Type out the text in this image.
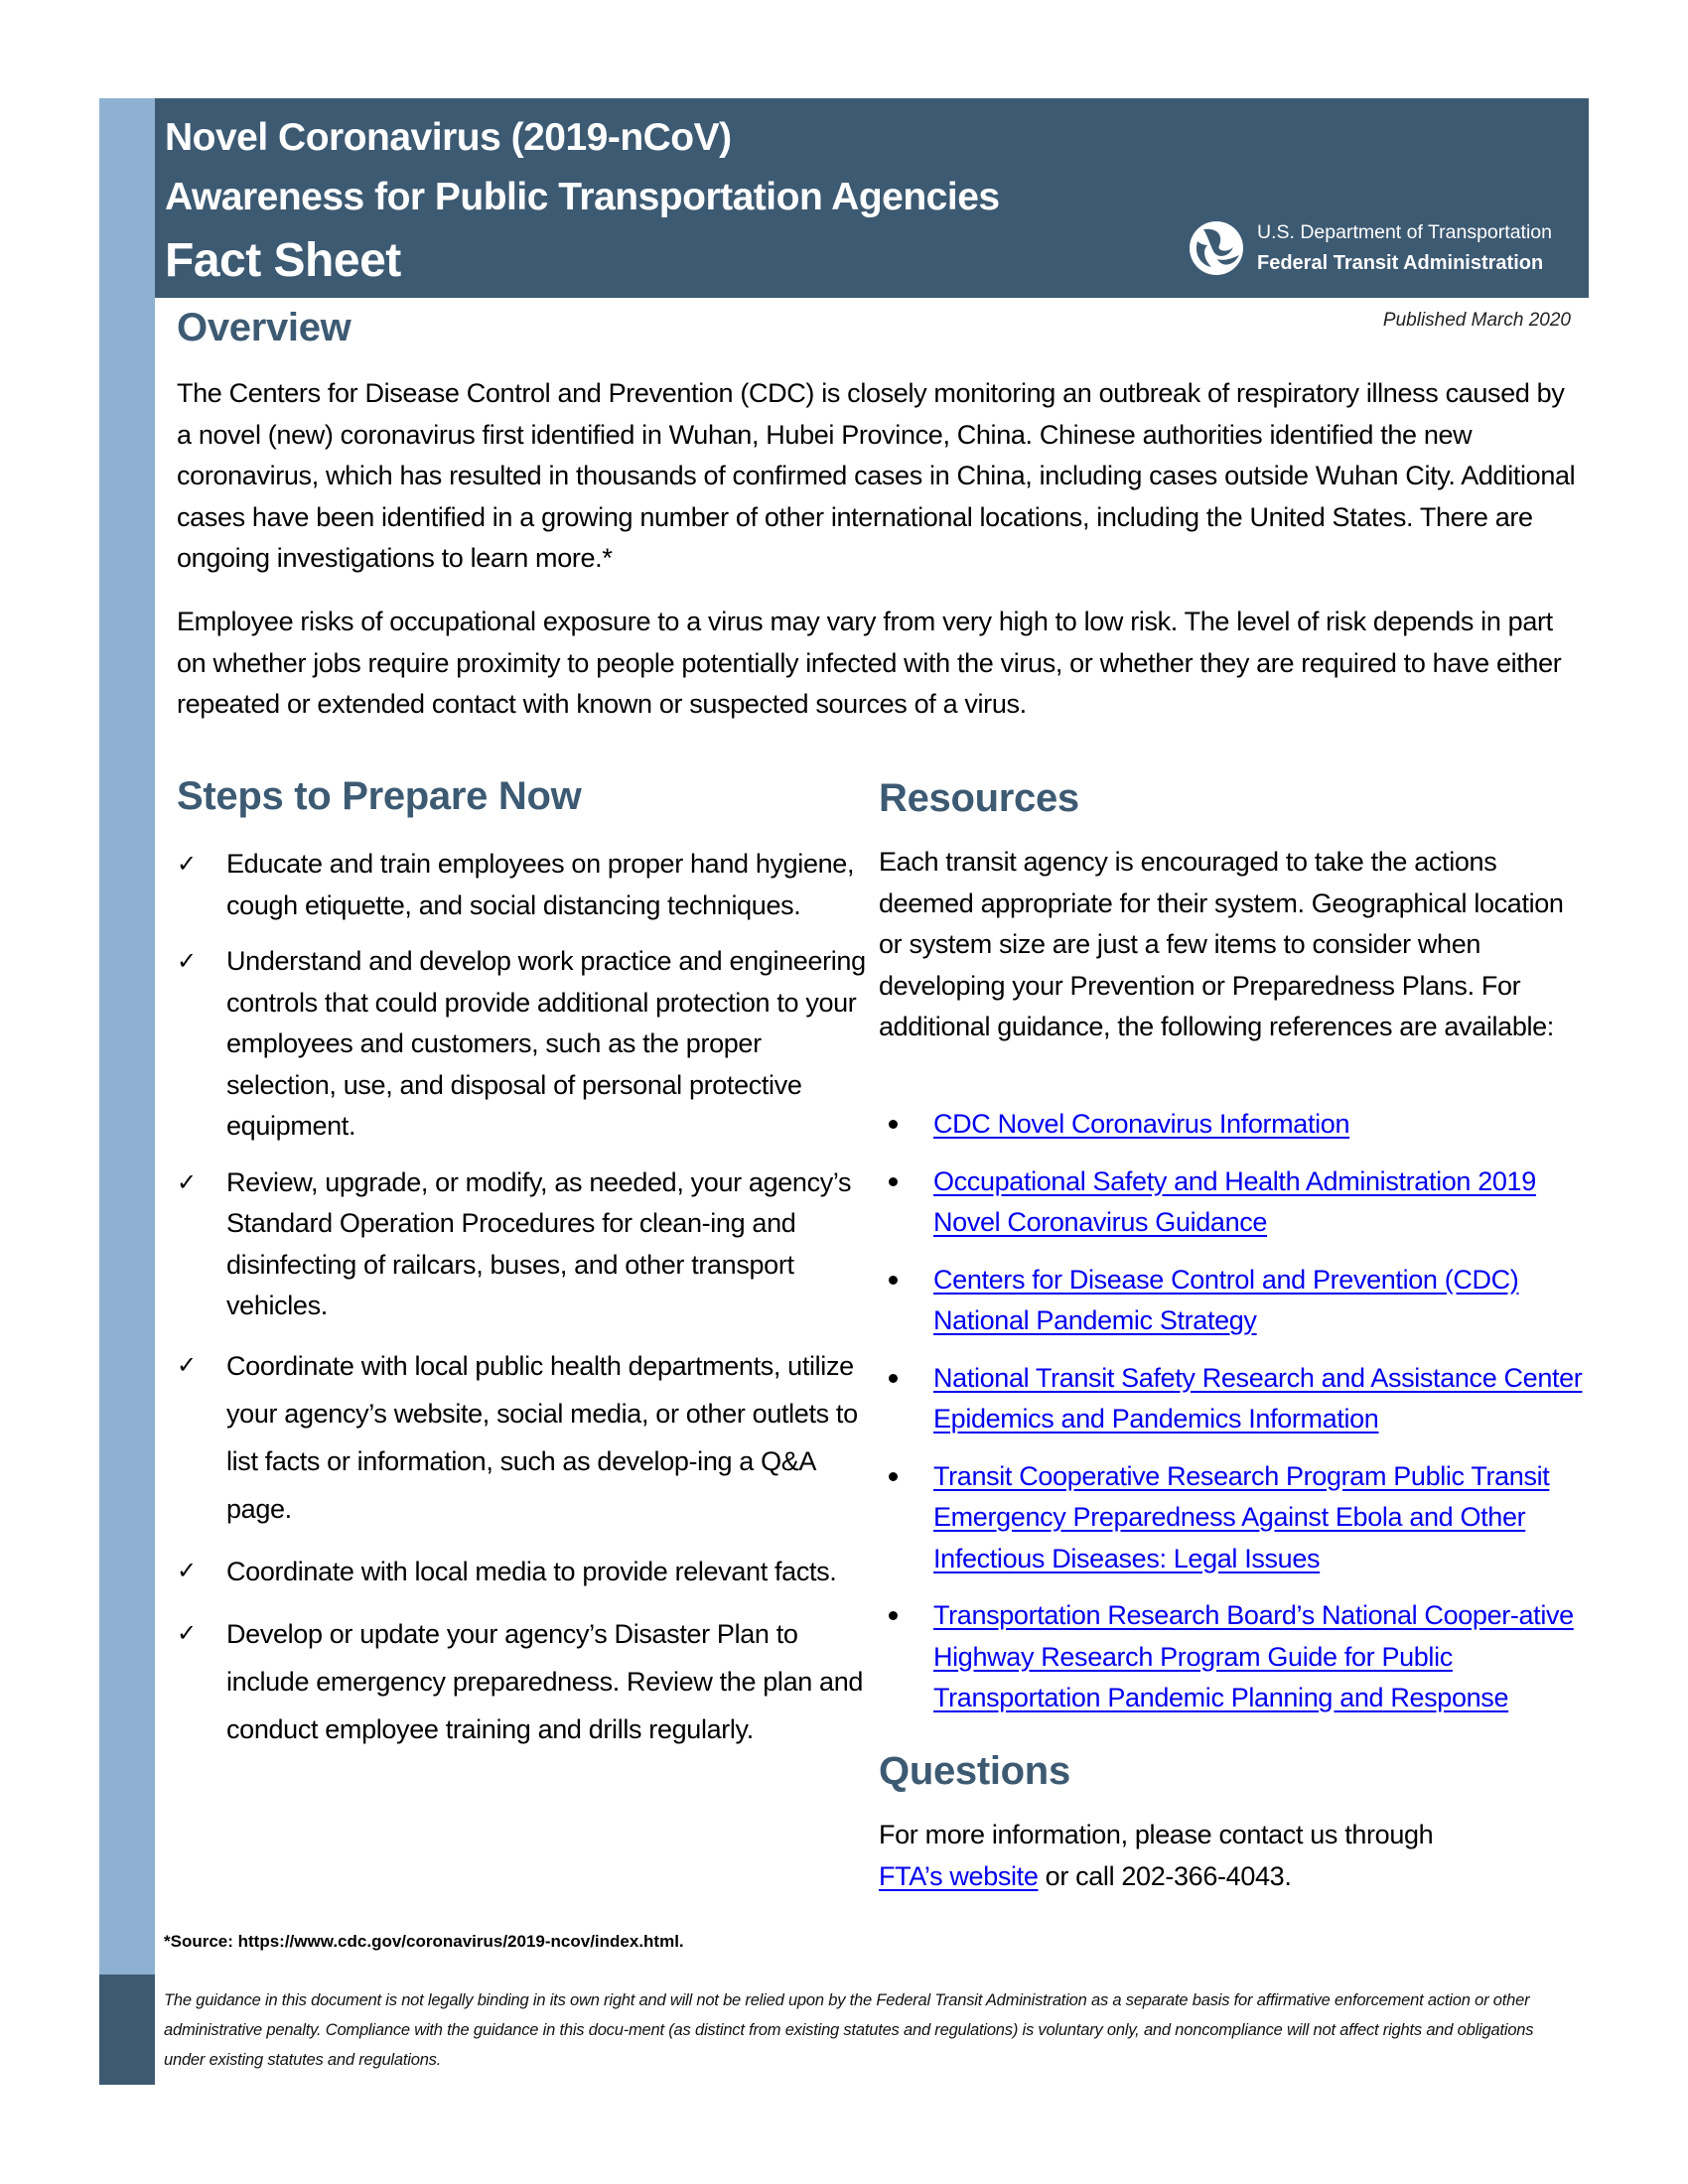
Novel Coronavirus (2019-nCoV)
Awareness for Public Transportation Agencies
Fact Sheet
U.S. Department of Transportation
Federal Transit Administration
Published March 2020
Overview

The Centers for Disease Control and Prevention (CDC) is closely monitoring an outbreak of respiratory illness caused by a novel (new) coronavirus first identified in Wuhan, Hubei Province, China. Chinese authorities identified the new coronavirus, which has resulted in thousands of confirmed cases in China, including cases outside Wuhan City. Additional cases have been identified in a growing number of other international locations, including the United States. There are ongoing investigations to learn more.*

Employee risks of occupational exposure to a virus may vary from very high to low risk. The level of risk depends in part on whether jobs require proximity to people potentially infected with the virus, or whether they are required to have either repeated or extended contact with known or suspected sources of a virus.

Steps to Prepare Now
✓ Educate and train employees on proper hand hygiene, cough etiquette, and social distancing techniques.
✓ Understand and develop work practice and engineering controls that could provide additional protection to your employees and customers, such as the proper selection, use, and disposal of personal protective equipment.
✓ Review, upgrade, or modify, as needed, your agency’s Standard Operation Procedures for clean-ing and disinfecting of railcars, buses, and other transport vehicles.
✓ Coordinate with local public health departments, utilize your agency’s website, social media, or other outlets to list facts or information, such as develop-ing a Q&A page.
✓ Coordinate with local media to provide relevant facts.
✓ Develop or update your agency’s Disaster Plan to include emergency preparedness. Review the plan and conduct employee training and drills regularly.
Resources

Each transit agency is encouraged to take the actions deemed appropriate for their system. Geographical location or system size are just a few items to consider when developing your Prevention or Preparedness Plans. For additional guidance, the following references are available:

CDC Novel Coronavirus Information
Occupational Safety and Health Administration 2019 Novel Coronavirus Guidance
Centers for Disease Control and Prevention (CDC) National Pandemic Strategy
National Transit Safety Research and Assistance Center Epidemics and Pandemics Information
Transit Cooperative Research Program Public Transit Emergency Preparedness Against Ebola and Other Infectious Diseases: Legal Issues
Transportation Research Board’s National Cooper-ative Highway Research Program Guide for Public Transportation Pandemic Planning and Response
Questions

For more information, please contact us through
FTA’s website or call 202-366-4043.

*Source: https://www.cdc.gov/coronavirus/2019-ncov/index.html.
The guidance in this document is not legally binding in its own right and will not be relied upon by the Federal Transit Administration as a separate basis for affirmative enforcement action or other administrative penalty. Compliance with the guidance in this docu-ment (as distinct from existing statutes and regulations) is voluntary only, and noncompliance will not affect rights and obligations under existing statutes and regulations.
